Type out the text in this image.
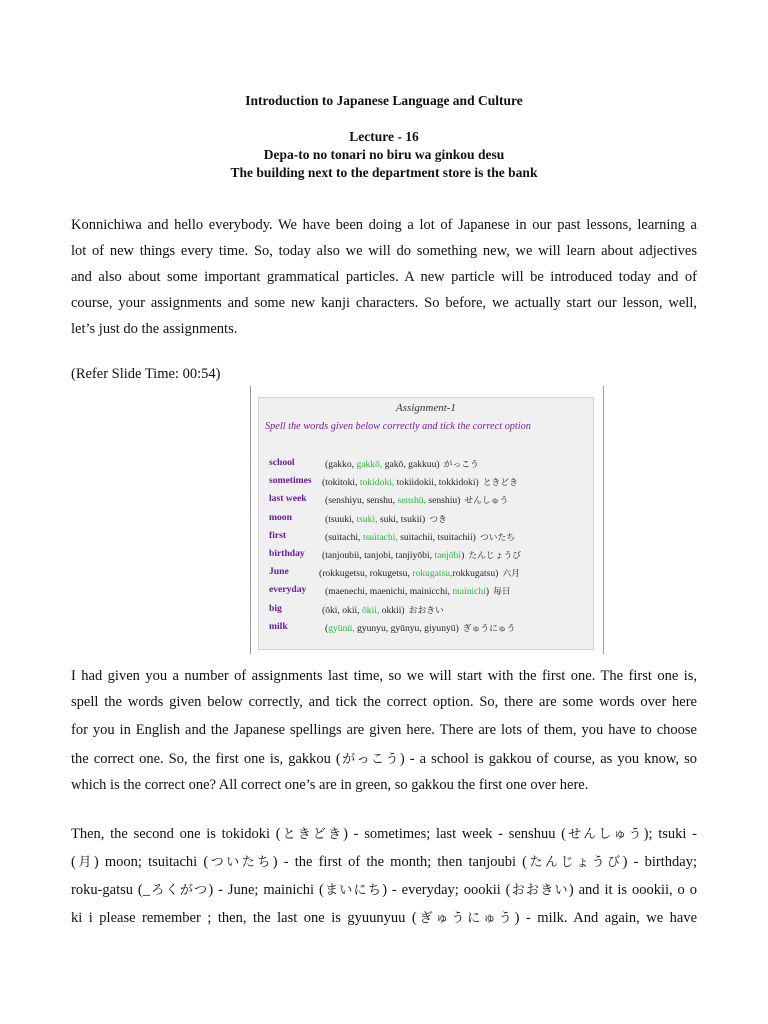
Introduction to Japanese Language and Culture
Lecture - 16
Depa-to no tonari no biru wa ginkou desu
The building next to the department store is the bank
Konnichiwa and hello everybody. We have been doing a lot of Japanese in our past lessons, learning a
lot of new things every time. So, today also we will do something new, we will learn about adjectives
and also about some important grammatical particles. A new particle will be introduced today and of
course, your assignments and some new kanji characters. So before, we actually start our lesson, well,
let’s just do the assignments.
(Refer Slide Time: 00:54)
Assignment-1
Spell the words given below correctly and tick the correct option
school	(gakko, gakkō, gakō, gakkuu) がっこう
sometimes (tokitoki, tokidoki, tokiidokii, tokkidoki) ときどき
last week (senshiyu, senshu, senshū, senshiu) せんしゅう
moon	(tsuuki, tsuki, suki, tsukii) つき
first	(suitachi, tsuitachi, suitachii, tsuitachii) ついたち
birthday (tanjoubii, tanjobi, tanjiyōbi, tanjōbi) たんじょうび
June	(rokkugetsu, rokugetsu, rokugatsu,rokkugatsu) 六月
everyday (maenechi, maenichi, mainicchi, mainichi) 毎日
big	(ōki, okii, ōkii, okkii) おおきい
milk	(gyūnū, gyunyu, gyūnyu, giyunyū) ぎゅうにゅう
I had given you a number of assignments last time, so we will start with the first one. The first one is,
spell the words given below correctly, and tick the correct option. So, there are some words over here
for you in English and the Japanese spellings are given here. There are lots of them, you have to choose
the correct one. So, the first one is, gakkou (がっこう) - a school is gakkou of course, as you know, so
which is the correct one? All correct one’s are in green, so gakkou the first one over here.
Then, the second one is tokidoki (ときどき) - sometimes; last week - senshuu (せんしゅう); tsuki -
(月) moon; tsuitachi (ついたち) - the first of the month; then tanjoubi (たんじょうび) - birthday;
roku-gatsu (_ろくがつ) - June; mainichi (まいにち) - everyday; oookii (おおきい) and it is oookii, o o
ki i please remember ; then, the last one is gyuunyuu (ぎゅうにゅう) - milk. And again, we have
